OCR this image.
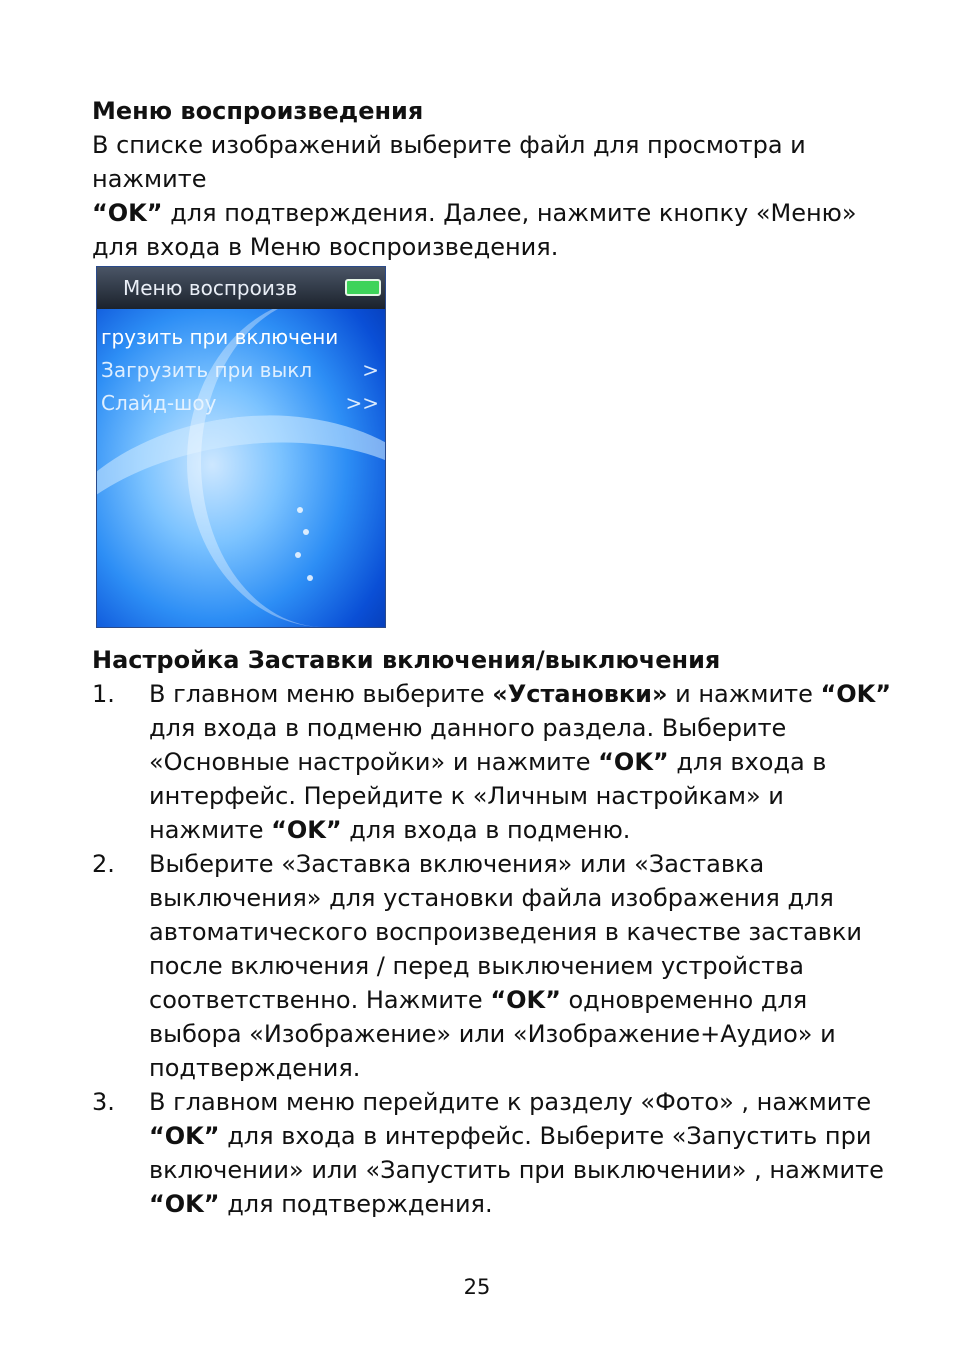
Меню воспроизведения

В списке изображений выберите файл для просмотра и нажмите
“OK” для подтверждения. Далее, нажмите кнопку «Меню» для входа в Меню воспроизведения.

Меню воспроизв
грузить при включени
Загрузить при выкл	>
Слайд-шоу	>>
Настройка Заставки включения/выключения
1. В главном меню выберите «Установки» и нажмите “OK” для входа в подменю данного раздела. Выберите «Основные настройки» и нажмите “OK” для входа в интерфейс. Перейдите к «Личным настройкам» и нажмите “OK” для входа в подменю.
2. Выберите «Заставка включения» или «Заставка выключения» для установки файла изображения для автоматического воспроизведения в качестве заставки после включения / перед выключением устройства соответственно. Нажмите “OK” одновременно для выбора «Изображение» или «Изображение+Аудио» и подтверждения.
3. В главном меню перейдите к разделу «Фото» , нажмите “OK” для входа в интерфейс. Выберите «Запустить при включении» или «Запустить при выключении» , нажмите “OK” для подтверждения.
25
